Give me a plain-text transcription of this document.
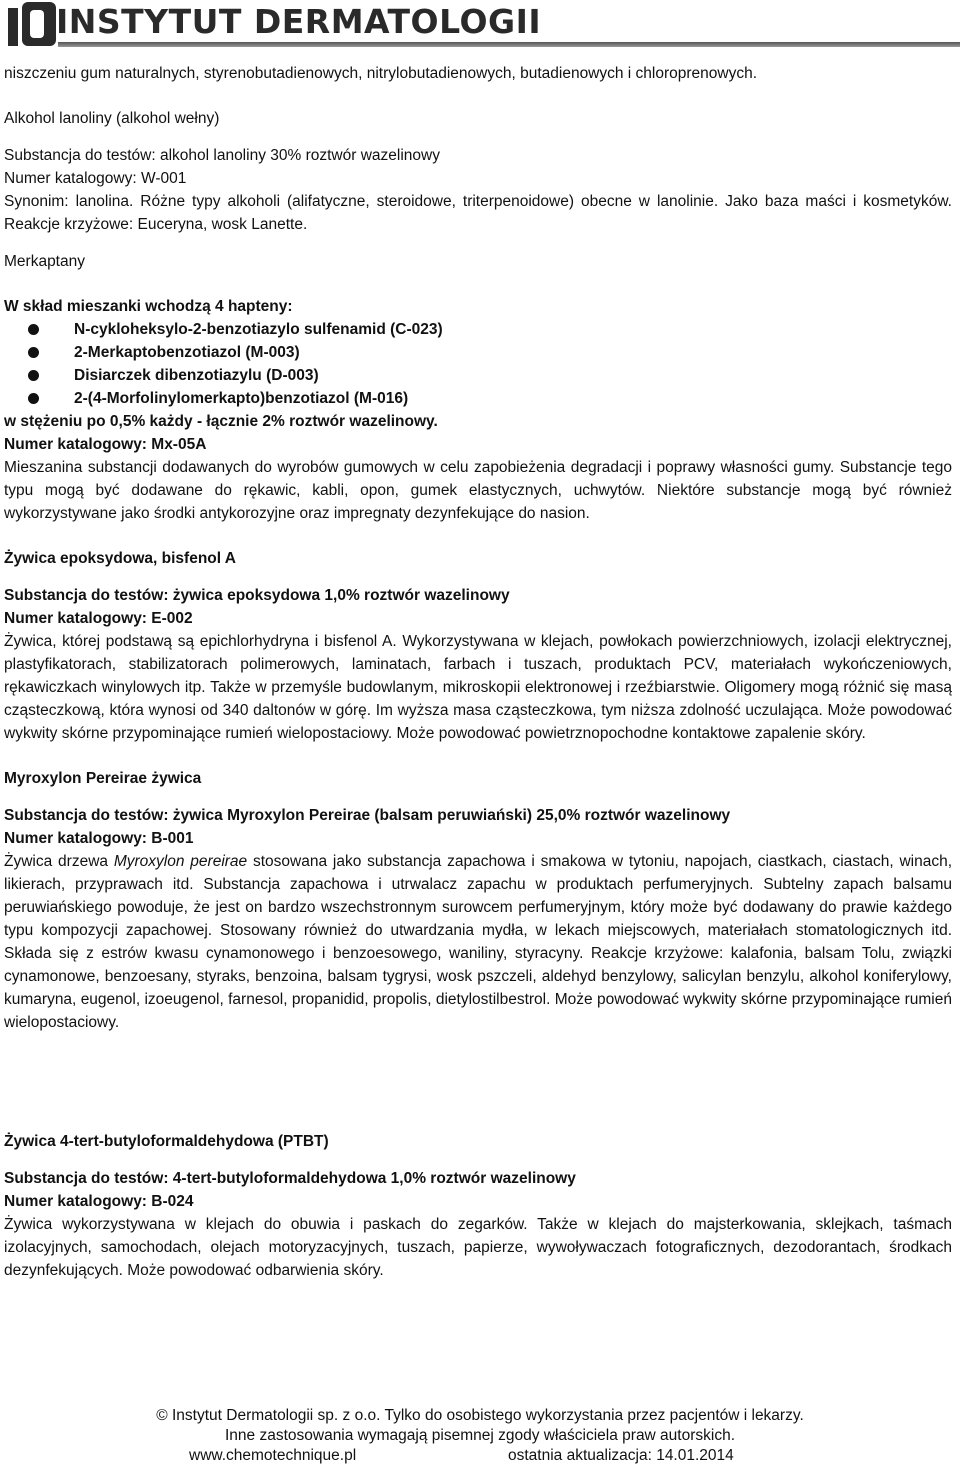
INSTYTUT DERMATOLOGII
niszczeniu gum naturalnych, styrenobutadienowych, nitrylobutadienowych, butadienowych i chloroprenowych.
Alkohol lanoliny (alkohol wełny)
Substancja do testów: alkohol lanoliny 30% roztwór wazelinowy
Numer katalogowy: W-001
Synonim: lanolina. Różne typy alkoholi (alifatyczne, steroidowe, triterpenoidowe) obecne w lanolinie. Jako baza maści i kosmetyków. Reakcje krzyżowe: Euceryna, wosk Lanette.
Merkaptany
W skład mieszanki wchodzą 4 hapteny:
N-cykloheksylo-2-benzotiazylo sulfenamid (C-023)
2-Merkaptobenzotiazol (M-003)
Disiarczek dibenzotiazylu (D-003)
2-(4-Morfolinylomerkapto)benzotiazol (M-016)
w stężeniu po 0,5% każdy - łącznie 2% roztwór wazelinowy.
Numer katalogowy: Mx-05A
Mieszanina substancji dodawanych do wyrobów gumowych w celu zapobieżenia degradacji i poprawy własności gumy. Substancje tego typu mogą być dodawane do rękawic, kabli, opon, gumek elastycznych, uchwytów. Niektóre substancje mogą być również wykorzystywane jako środki antykorozyjne oraz impregnaty dezynfekujące do nasion.
Żywica epoksydowa, bisfenol A
Substancja do testów: żywica epoksydowa 1,0% roztwór wazelinowy
Numer katalogowy: E-002
Żywica, której podstawą są epichlorhydryna i bisfenol A. Wykorzystywana w klejach, powłokach powierzchniowych, izolacji elektrycznej, plastyfikatorach, stabilizatorach polimerowych, laminatach, farbach i tuszach, produktach PCV, materiałach wykończeniowych, rękawiczkach winylowych itp. Także w przemyśle budowlanym, mikroskopii elektronowej i rzeźbiarstwie. Oligomery mogą różnić się masą cząsteczkową, która wynosi od 340 daltonów w górę. Im wyższa masa cząsteczkowa, tym niższa zdolność uczulająca. Może powodować wykwity skórne przypominające rumień wielopostaciowy. Może powodować powietrznopochodne kontaktowe zapalenie skóry.
Myroxylon Pereirae żywica
Substancja do testów: żywica Myroxylon Pereirae (balsam peruwiański) 25,0% roztwór wazelinowy
Numer katalogowy: B-001
Żywica drzewa Myroxylon pereirae stosowana jako substancja zapachowa i smakowa w tytoniu, napojach, ciastkach, ciastach, winach, likierach, przyprawach itd. Substancja zapachowa i utrwalacz zapachu w produktach perfumeryjnych. Subtelny zapach balsamu peruwiańskiego powoduje, że jest on bardzo wszechstronnym surowcem perfumeryjnym, który może być dodawany do prawie każdego typu kompozycji zapachowej. Stosowany również do utwardzania mydła, w lekach miejscowych, materiałach stomatologicznych itd. Składa się z estrów kwasu cynamonowego i benzoesowego, waniliny, styracyny. Reakcje krzyżowe: kalafonia, balsam Tolu, związki cynamonowe, benzoesany, styraks, benzoina, balsam tygrysi, wosk pszczeli, aldehyd benzylowy, salicylan benzylu, alkohol koniferylowy, kumaryna, eugenol, izoeugenol, farnesol, propanidid, propolis, dietylostilbestrol. Może powodować wykwity skórne przypominające rumień wielopostaciowy.
Żywica 4-tert-butyloformaldehydowa (PTBT)
Substancja do testów: 4-tert-butyloformaldehydowa 1,0% roztwór wazelinowy
Numer katalogowy: B-024
Żywica wykorzystywana w klejach do obuwia i paskach do zegarków. Także w klejach do majsterkowania, sklejkach, taśmach izolacyjnych, samochodach, olejach motoryzacyjnych, tuszach, papierze, wywoływaczach fotograficznych, dezodorantach, środkach dezynfekujących. Może powodować odbarwienia skóry.
© Instytut Dermatologii sp. z o.o. Tylko do osobistego wykorzystania przez pacjentów i lekarzy.
Inne zastosowania wymagają pisemnej zgody właściciela praw autorskich.
www.chemotechnique.pl	ostatnia aktualizacja: 14.01.2014
